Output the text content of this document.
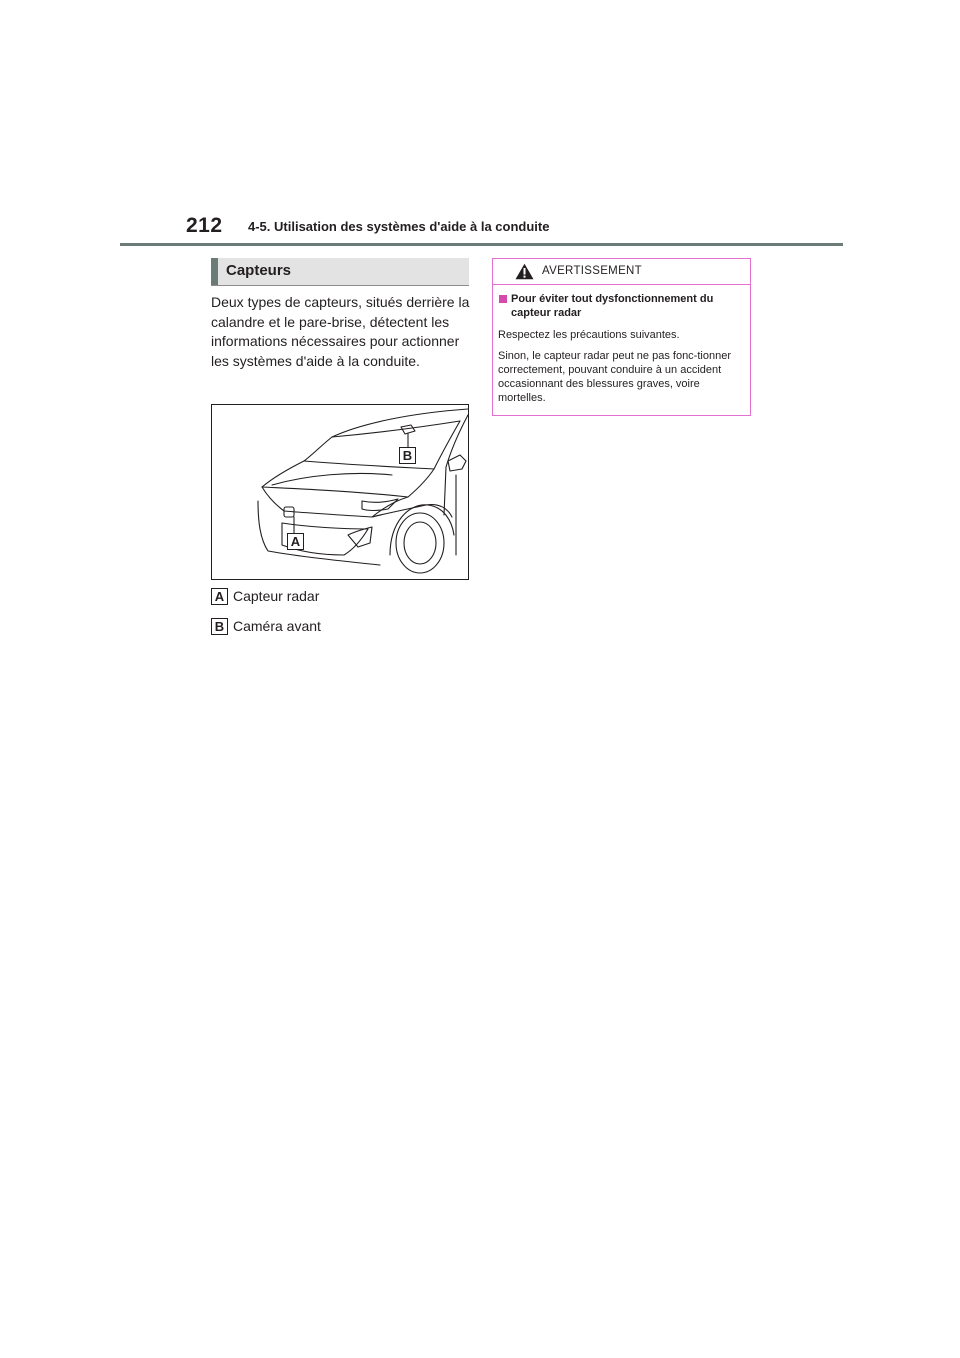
212 4-5. Utilisation des systèmes d'aide à la conduite
Capteurs
Deux types de capteurs, situés derrière la calandre et le pare-brise, détectent les informations nécessaires pour actionner les systèmes d'aide à la conduite.
A
B
A Capteur radar
B Caméra avant
AVERTISSEMENT
Pour éviter tout dysfonctionnement du capteur radar
Respectez les précautions suivantes.
Sinon, le capteur radar peut ne pas fonc-tionner correctement, pouvant conduire à un accident occasionnant des blessures graves, voire mortelles.
